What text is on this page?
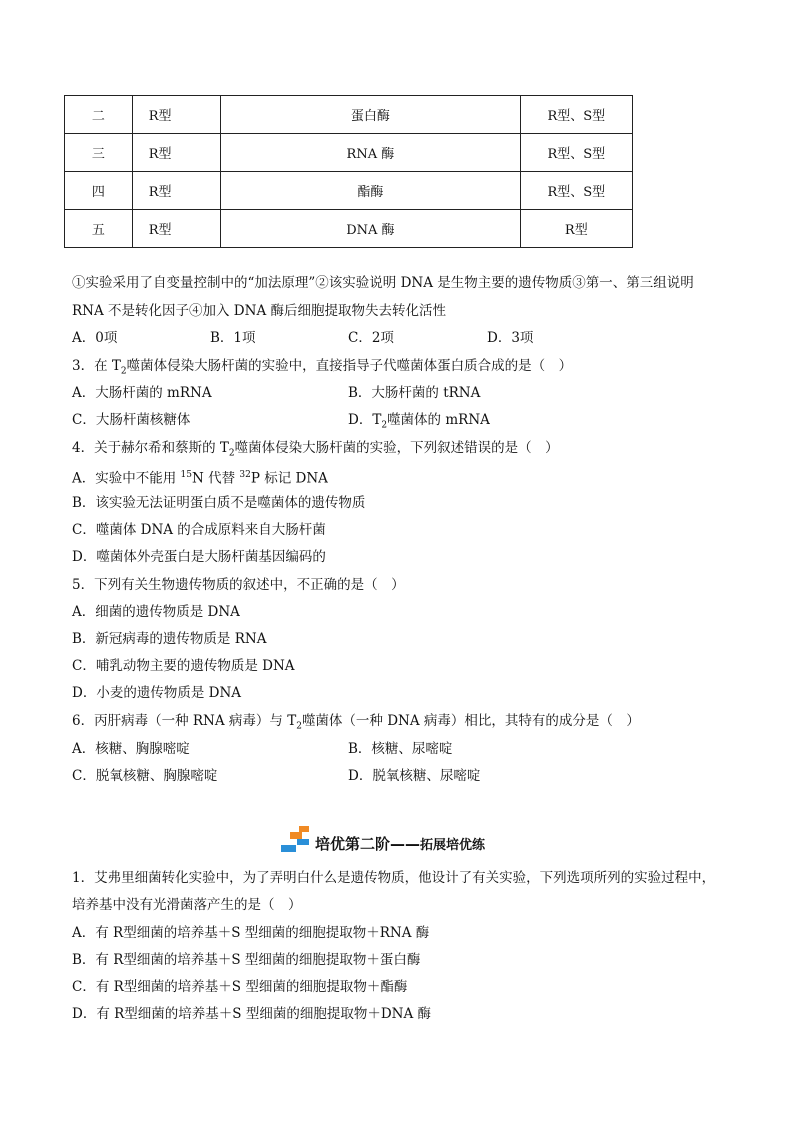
二	R型	蛋白酶	R型、S型
三	R型	RNA 酶	R型、S型
四	R型	酯酶	R型、S型
五	R型	DNA 酶	R型
①实验采用了自变量控制中的“加法原理”②该实验说明 DNA 是生物主要的遗传物质③第一、第三组说明
RNA 不是转化因子④加入 DNA 酶后细胞提取物失去转化活性
A．0项	B．1项	C．2项	D．3项
3．在 $T_2$噬菌体侵染大肠杆菌的实验中，直接指导子代噬菌体蛋白质合成的是（　）
A．大肠杆菌的 mRNA	B．大肠杆菌的 tRNA
C．大肠杆菌核糖体	D．$T_2$噬菌体的 mRNA
4．关于赫尔希和蔡斯的 $T_2$噬菌体侵染大肠杆菌的实验，下列叙述错误的是（　）
A．实验中不能用 $^{15}$N 代替 $^{32}$P 标记 DNA
B．该实验无法证明蛋白质不是噬菌体的遗传物质
C．噬菌体 DNA 的合成原料来自大肠杆菌
D．噬菌体外壳蛋白是大肠杆菌基因编码的
5．下列有关生物遗传物质的叙述中，不正确的是（　）
A．细菌的遗传物质是 DNA
B．新冠病毒的遗传物质是 RNA
C．哺乳动物主要的遗传物质是 DNA
D．小麦的遗传物质是 DNA
6．丙肝病毒（一种 RNA 病毒）与 $T_2$噬菌体（一种 DNA 病毒）相比，其特有的成分是（　）
A．核糖、胸腺嘧啶	B．核糖、尿嘧啶
C．脱氧核糖、胸腺嘧啶	D．脱氧核糖、尿嘧啶
培优第二阶——拓展培优练
1．艾弗里细菌转化实验中，为了弄明白什么是遗传物质，他设计了有关实验，下列选项所列的实验过程中，
培养基中没有光滑菌落产生的是（　）
A．有 R型细菌的培养基＋S 型细菌的细胞提取物＋RNA 酶
B．有 R型细菌的培养基＋S 型细菌的细胞提取物＋蛋白酶
C．有 R型细菌的培养基＋S 型细菌的细胞提取物＋酯酶
D．有 R型细菌的培养基＋S 型细菌的细胞提取物＋DNA 酶
